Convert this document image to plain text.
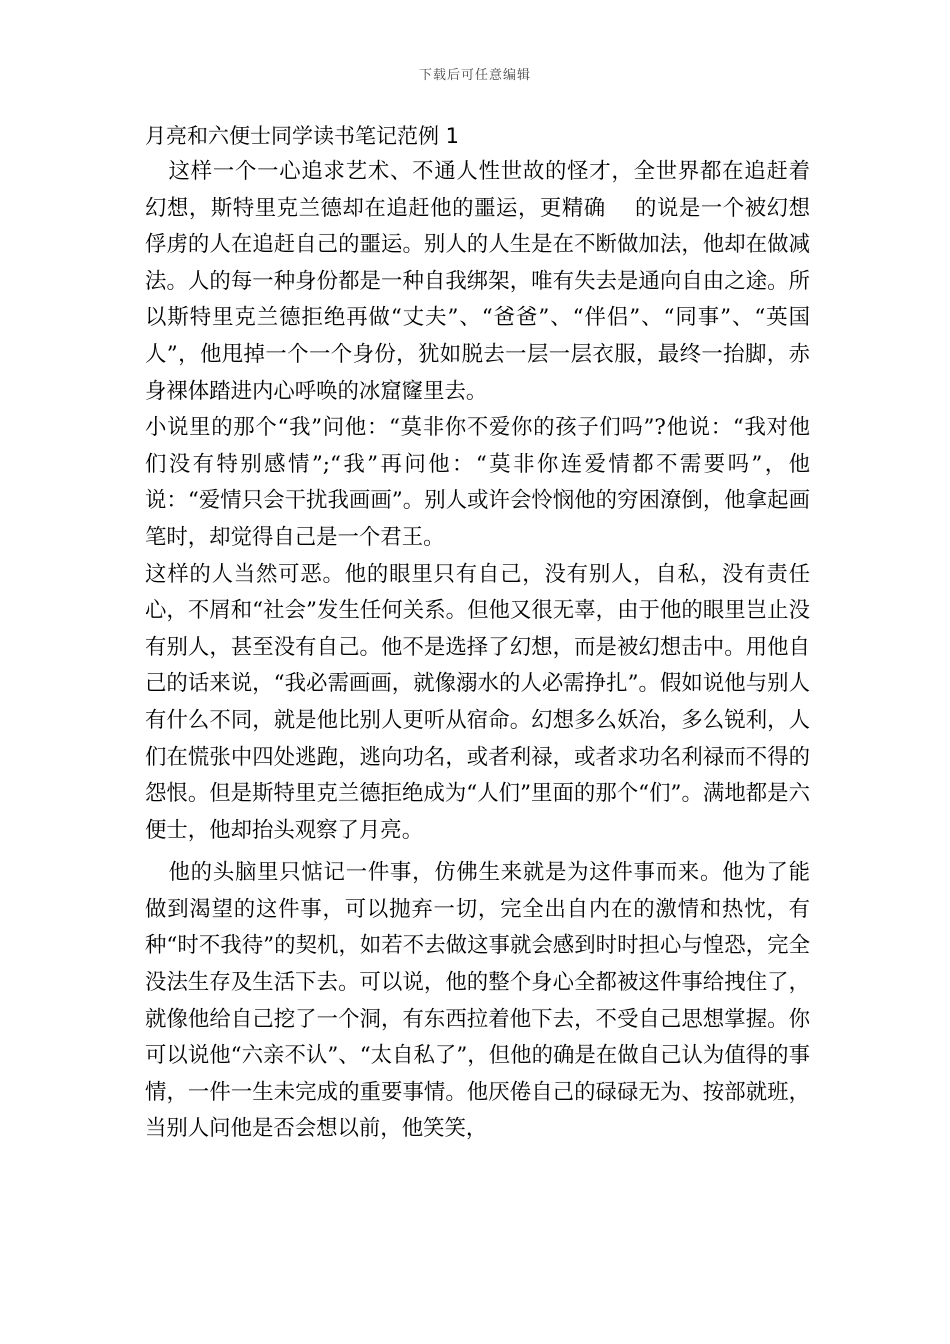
下载后可任意编辑
月亮和六便士同学读书笔记范例 1

这样一个一心追求艺术、不通人性世故的怪才，全世界都在追赶着幻想，斯特里克兰德却在追赶他的噩运，更精确　 的说是一个被幻想俘虏的人在追赶自己的噩运。别人的人生是在不断做加法，他却在做减法。人的每一种身份都是一种自我绑架，唯有失去是通向自由之途。所以斯特里克兰德拒绝再做“丈夫”、“爸爸”、“伴侣”、“同事”、“英国人”，他甩掉一个一个身份，犹如脱去一层一层衣服，最终一抬脚，赤身裸体踏进内心呼唤的冰窟窿里去。

小说里的那个“我”问他：“莫非你不爱你的孩子们吗”?他说：“我对他们没有特别感情”;“我”再问他：“莫非你连爱情都不需要吗”，他说：“爱情只会干扰我画画”。别人或许会怜悯他的穷困潦倒，他拿起画笔时，却觉得自己是一个君王。

这样的人当然可恶。他的眼里只有自己，没有别人，自私，没有责任心，不屑和“社会”发生任何关系。但他又很无辜，由于他的眼里岂止没有别人，甚至没有自己。他不是选择了幻想，而是被幻想击中。用他自己的话来说，“我必需画画，就像溺水的人必需挣扎”。假如说他与别人有什么不同，就是他比别人更听从宿命。幻想多么妖冶，多么锐利，人们在慌张中四处逃跑，逃向功名，或者利禄，或者求功名利禄而不得的怨恨。但是斯特里克兰德拒绝成为“人们”里面的那个“们”。满地都是六便士，他却抬头观察了月亮。

他的头脑里只惦记一件事，仿佛生来就是为这件事而来。他为了能做到渴望的这件事，可以抛弃一切，完全出自内在的激情和热忱，有种“时不我待”的契机，如若不去做这事就会感到时时担心与惶恐，完全没法生存及生活下去。可以说，他的整个身心全都被这件事给拽住了，就像他给自己挖了一个洞，有东西拉着他下去，不受自己思想掌握。你可以说他“六亲不认”、“太自私了”，但他的确是在做自己认为值得的事情，一件一生未完成的重要事情。他厌倦自己的碌碌无为、按部就班，当别人问他是否会想以前，他笑笑，
